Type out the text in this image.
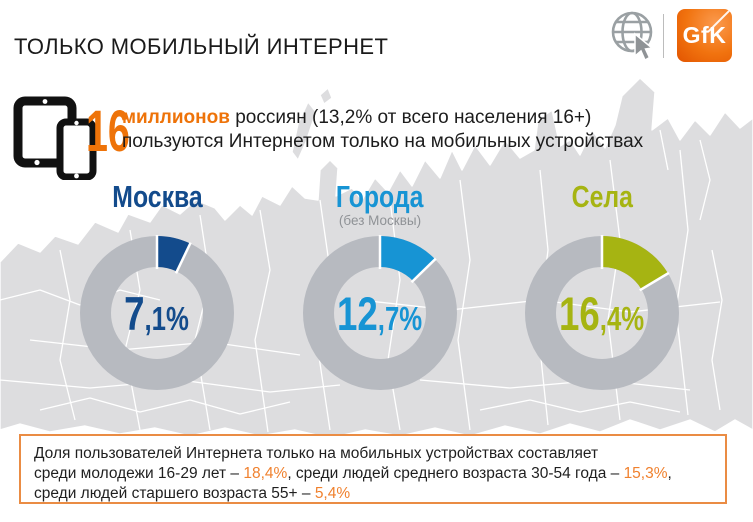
ТОЛЬКО МОБИЛЬНЫЙ ИНТЕРНЕТ	GfK
16
миллионов россиян (13,2% от всего населения 16+)
пользуются Интернетом только на мобильных устройствах
Москва
7 ,1%
Города
(без Москвы)
12 ,7%
Села
16 ,4%
Доля пользователей Интернета только на мобильных устройствах составляет
среди молодежи 16-29 лет – 18,4%, среди людей среднего возраста 30-54 года – 15,3%,
среди людей старшего возраста 55+ – 5,4%
